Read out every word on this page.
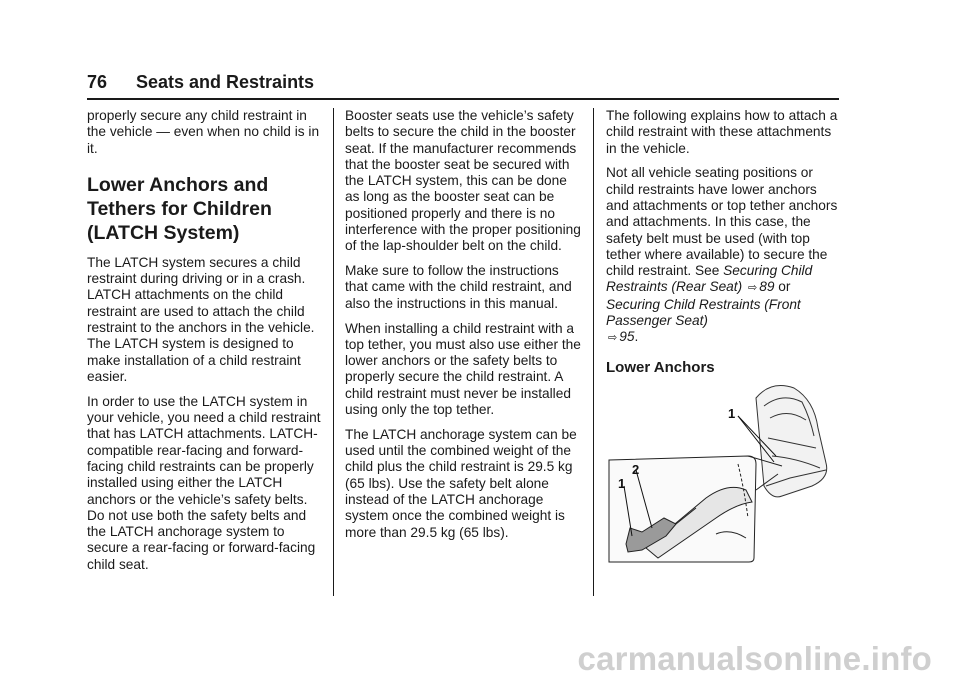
76 Seats and Restraints

properly secure any child restraint in the vehicle — even when no child is in it.

Lower Anchors and
Tethers for Children
(LATCH System)

The LATCH system secures a child restraint during driving or in a crash. LATCH attachments on the child restraint are used to attach the child restraint to the anchors in the vehicle. The LATCH system is designed to make installation of a child restraint easier.

In order to use the LATCH system in your vehicle, you need a child restraint that has LATCH attachments. LATCH-compatible rear-facing and forward-facing child restraints can be properly installed using either the LATCH anchors or the vehicle’s safety belts. Do not use both the safety belts and the LATCH anchorage system to secure a rear-facing or forward-facing child seat.

Booster seats use the vehicle’s safety belts to secure the child in the booster seat. If the manufacturer recommends that the booster seat be secured with the LATCH system, this can be done as long as the booster seat can be positioned properly and there is no interference with the proper positioning of the lap-shoulder belt on the child.

Make sure to follow the instructions that came with the child restraint, and also the instructions in this manual.

When installing a child restraint with a top tether, you must also use either the lower anchors or the safety belts to properly secure the child restraint. A child restraint must never be installed using only the top tether.

The LATCH anchorage system can be used until the combined weight of the child plus the child restraint is 29.5 kg (65 lbs). Use the safety belt alone instead of the LATCH anchorage system once the combined weight is more than 29.5 kg (65 lbs).

The following explains how to attach a child restraint with these attachments in the vehicle.

Not all vehicle seating positions or child restraints have lower anchors and attachments or top tether anchors and attachments. In this case, the safety belt must be used (with top tether where available) to secure the child restraint. See Securing Child Restraints (Rear Seat) ⇨ 89 or Securing Child Restraints (Front Passenger Seat)
⇨ 95.

Lower Anchors
1
2
1
carmanualsonline.info
